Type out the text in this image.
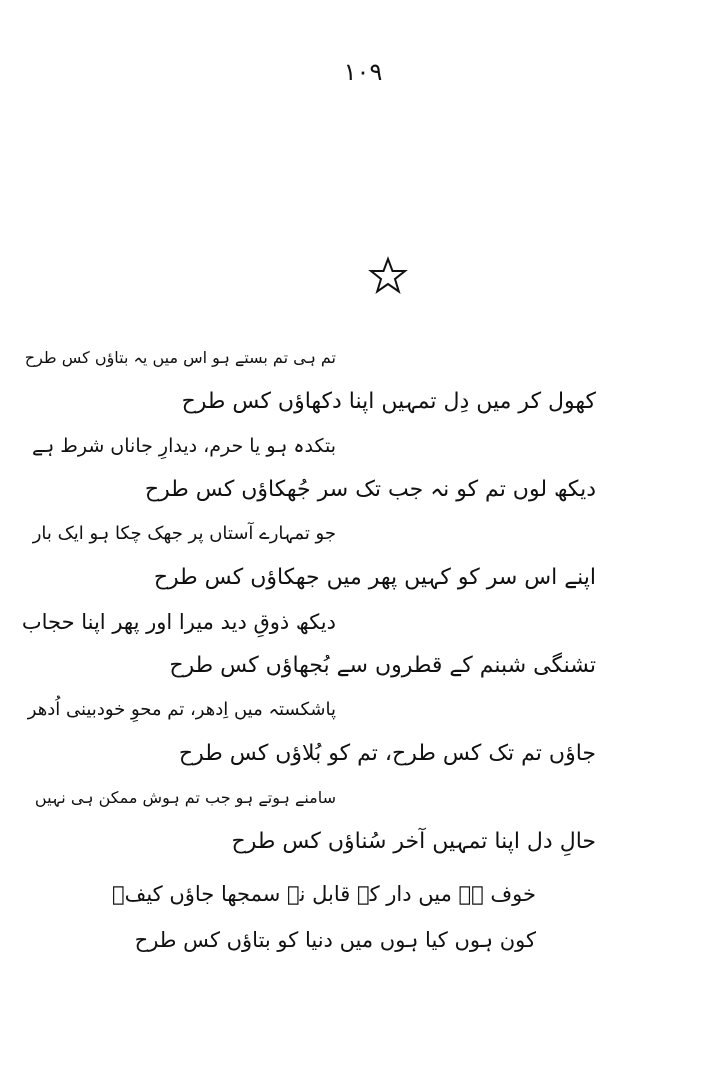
۱۰۹
تم ہی تم بستے ہو اس میں یہ بتاؤں کس طرح
کھول کر میں دِل تمہیں اپنا دکھاؤں کس طرح
بتکدہ ہو یا حرم، دیدارِ جاناں شرط ہے
دیکھ لوں تم کو نہ جب تک سر جُھکاؤں کس طرح
جو تمہارے آستاں پر جھک چکا ہو ایک بار
اپنے اس سر کو کہیں پھر میں جھکاؤں کس طرح
دیکھ ذوقِ دید میرا اور پھر اپنا حجاب
تشنگی شبنم کے قطروں سے بُجھاؤں کس طرح
پاشکستہ میں اِدھر، تم محوِ خودبینی اُدھر
جاؤں تم تک کس طرح، تم کو بُلاؤں کس طرح
سامنے ہوتے ہو جب تم ہوش ممکن ہی نہیں
حالِ دل اپنا تمہیں آخر سُناؤں کس طرح
خوف ہے میں دار کے قابل نہ سمجھا جاؤں کیفؔ
کون ہوں کیا ہوں میں دنیا کو بتاؤں کس طرح
